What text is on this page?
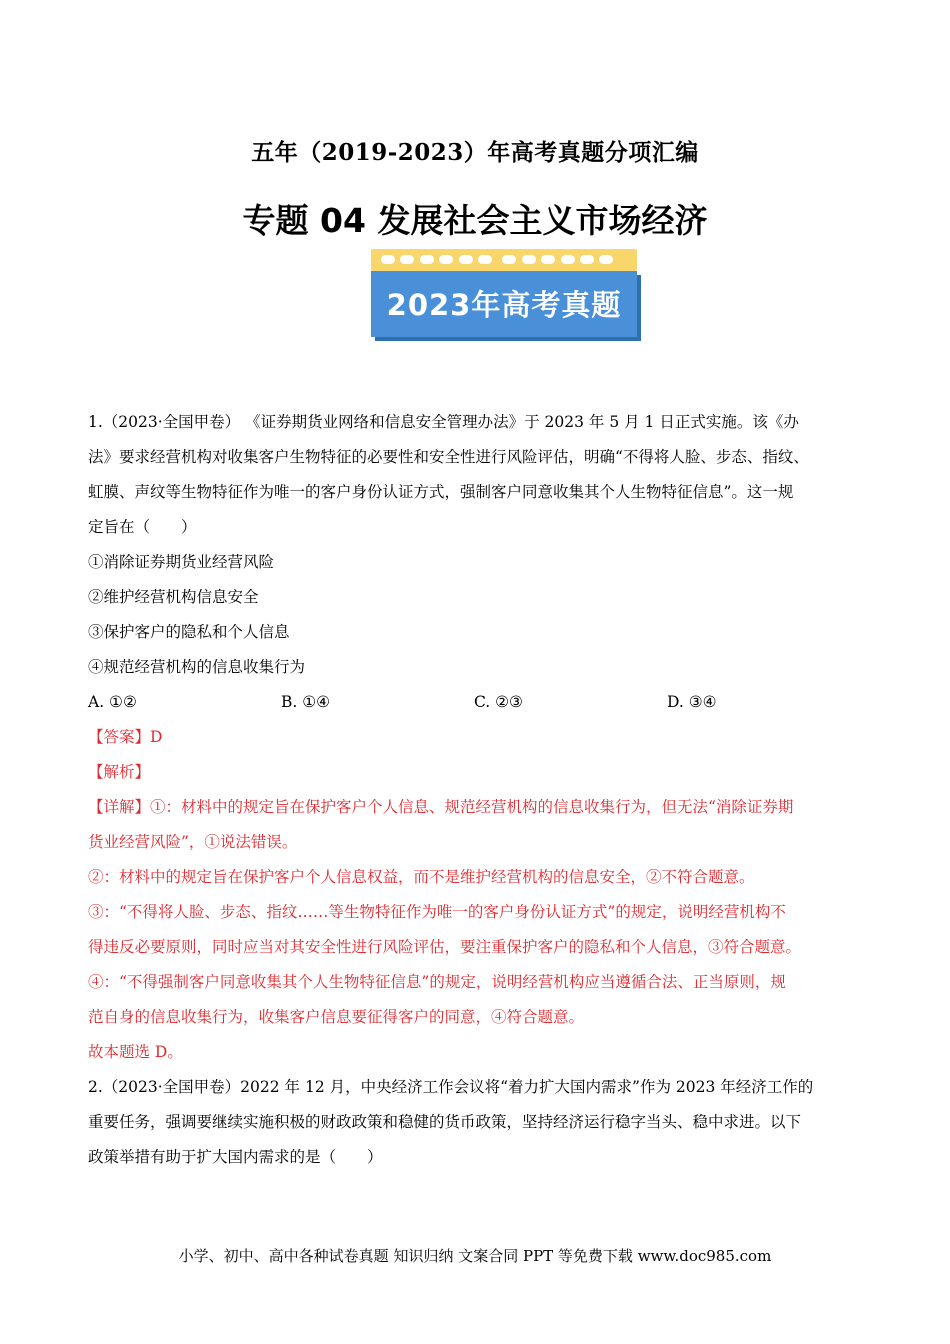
五年（2019-2023）年高考真题分项汇编
专题 04 发展社会主义市场经济

2023年高考真题

1.（2023·全国甲卷） 《证券期货业网络和信息安全管理办法》于 2023 年 5 月 1 日正式实施。该《办

法》要求经营机构对收集客户生物特征的必要性和安全性进行风险评估，明确“不得将人脸、步态、指纹、

虹膜、声纹等生物特征作为唯一的客户身份认证方式，强制客户同意收集其个人生物特征信息”。这一规

定旨在（　　）

①消除证券期货业经营风险

②维护经营机构信息安全

③保护客户的隐私和个人信息

④规范经营机构的信息收集行为

A. ①②	B. ①④	C. ②③	D. ③④

【答案】D

【解析】

【详解】①：材料中的规定旨在保护客户个人信息、规范经营机构的信息收集行为，但无法“消除证券期

货业经营风险”，①说法错误。

②：材料中的规定旨在保护客户个人信息权益，而不是维护经营机构的信息安全，②不符合题意。

③：“不得将人脸、步态、指纹……等生物特征作为唯一的客户身份认证方式”的规定，说明经营机构不

得违反必要原则，同时应当对其安全性进行风险评估，要注重保护客户的隐私和个人信息，③符合题意。

④：“不得强制客户同意收集其个人生物特征信息”的规定，说明经营机构应当遵循合法、正当原则，规

范自身的信息收集行为，收集客户信息要征得客户的同意，④符合题意。

故本题选 D。

2.（2023·全国甲卷）2022 年 12 月，中央经济工作会议将“着力扩大国内需求”作为 2023 年经济工作的

重要任务，强调要继续实施积极的财政政策和稳健的货币政策，坚持经济运行稳字当头、稳中求进。以下

政策举措有助于扩大国内需求的是（　　）

小学、初中、高中各种试卷真题 知识归纳 文案合同 PPT 等免费下载 www.doc985.com
